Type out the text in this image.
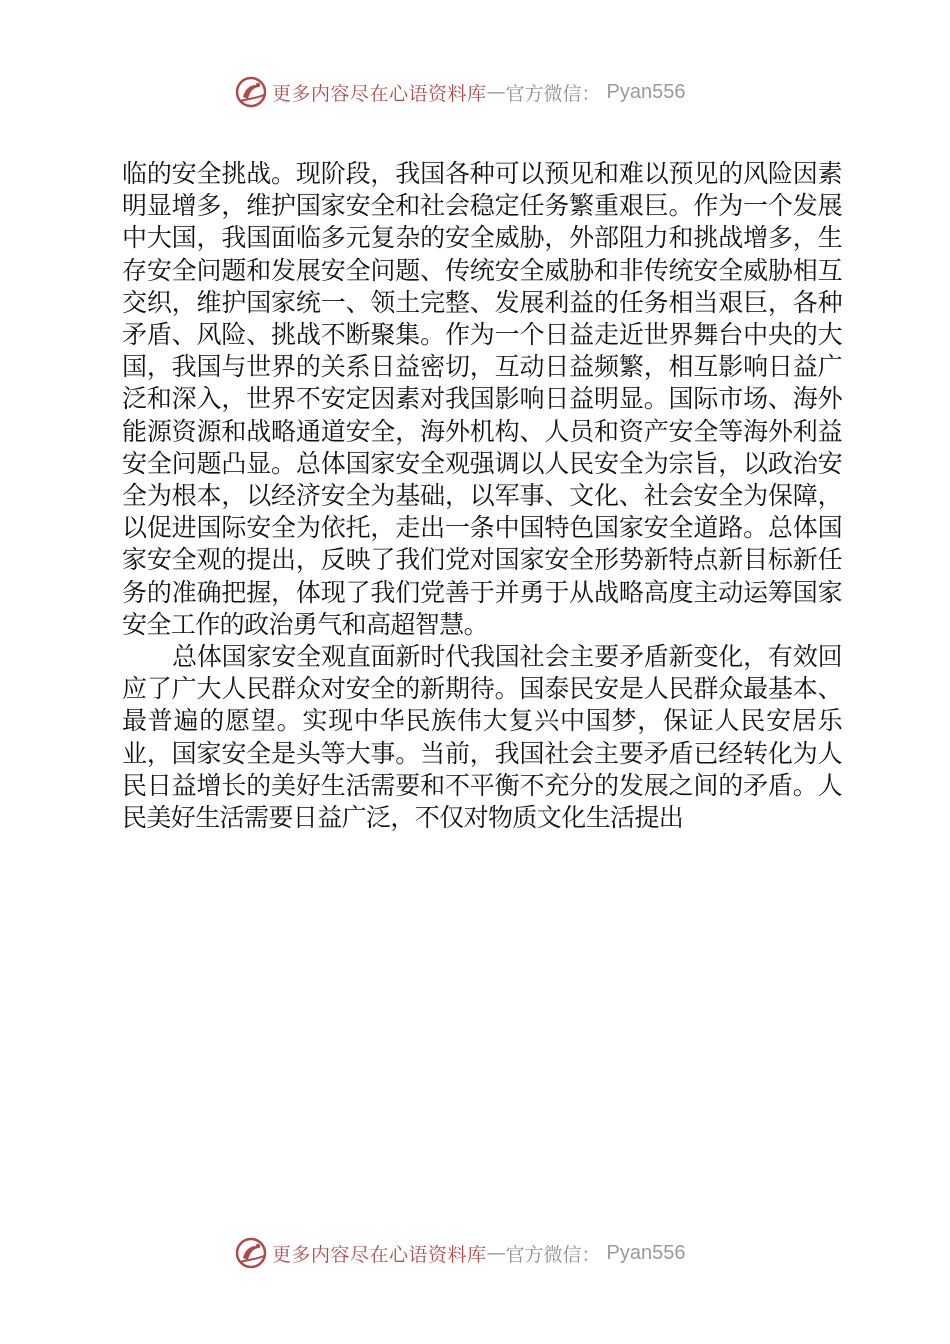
更多内容尽在心语资料库 — 官方微信： Pyan556

临的安全挑战。现阶段，我国各种可以预见和难以预见的风险因素明显增多，维护国家安全和社会稳定任务繁重艰巨。作为一个发展中大国，我国面临多元复杂的安全威胁，外部阻力和挑战增多，生存安全问题和发展安全问题、传统安全威胁和非传统安全威胁相互交织，维护国家统一、领土完整、发展利益的任务相当艰巨，各种矛盾、风险、挑战不断聚集。作为一个日益走近世界舞台中央的大国，我国与世界的关系日益密切，互动日益频繁，相互影响日益广泛和深入，世界不安定因素对我国影响日益明显。国际市场、海外能源资源和战略通道安全，海外机构、人员和资产安全等海外利益安全问题凸显。总体国家安全观强调以人民安全为宗旨，以政治安全为根本，以经济安全为基础，以军事、文化、社会安全为保障，以促进国际安全为依托，走出一条中国特色国家安全道路。总体国家安全观的提出，反映了我们党对国家安全形势新特点新目标新任务的准确把握，体现了我们党善于并勇于从战略高度主动运筹国家安全工作的政治勇气和高超智慧。

总体国家安全观直面新时代我国社会主要矛盾新变化，有效回应了广大人民群众对安全的新期待。国泰民安是人民群众最基本、最普遍的愿望。实现中华民族伟大复兴中国梦，保证人民安居乐业，国家安全是头等大事。当前，我国社会主要矛盾已经转化为人民日益增长的美好生活需要和不平衡不充分的发展之间的矛盾。人民美好生活需要日益广泛，不仅对物质文化生活提出

更多内容尽在心语资料库 — 官方微信： Pyan556
